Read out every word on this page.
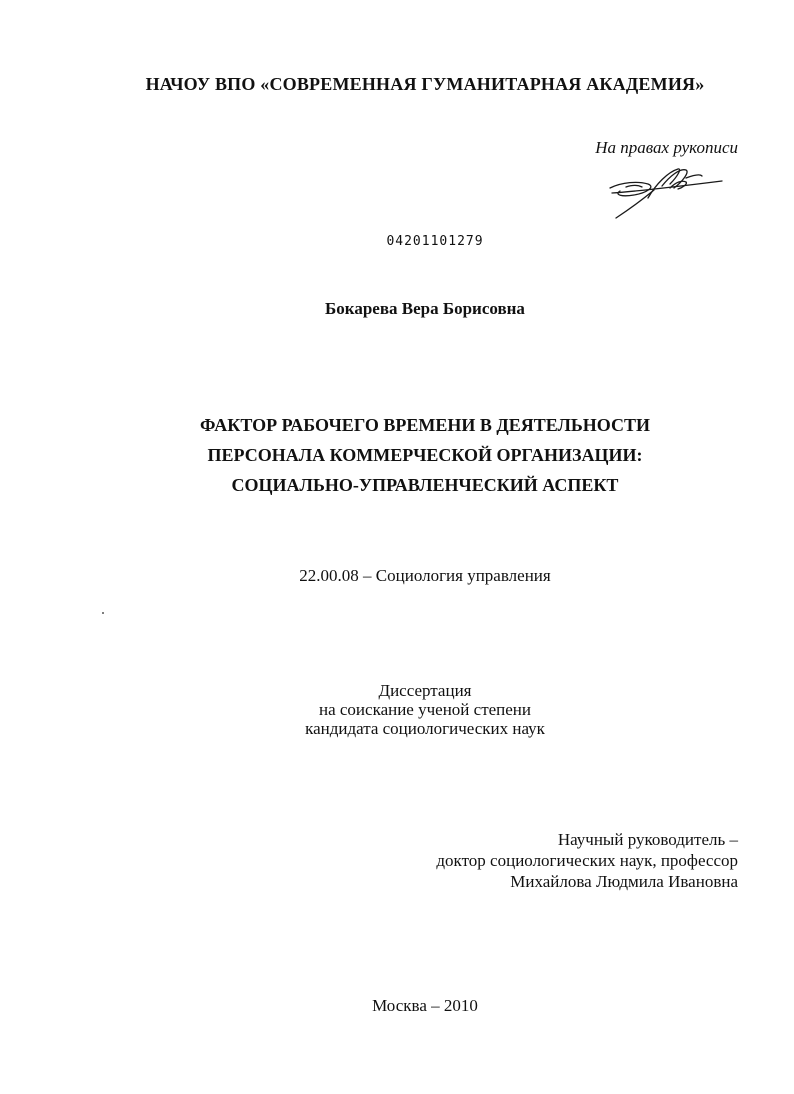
НАЧОУ ВПО «СОВРЕМЕННАЯ ГУМАНИТАРНАЯ АКАДЕМИЯ»
На правах рукописи
04201101279
Бокарева Вера Борисовна
ФАКТОР РАБОЧЕГО ВРЕМЕНИ В ДЕЯТЕЛЬНОСТИ
ПЕРСОНАЛА КОММЕРЧЕСКОЙ ОРГАНИЗАЦИИ:
СОЦИАЛЬНО-УПРАВЛЕНЧЕСКИЙ АСПЕКТ
22.00.08 – Социология управления
Диссертация
на соискание ученой степени
кандидата социологических наук
Научный руководитель –
доктор социологических наук, профессор
Михайлова Людмила Ивановна
Москва – 2010
